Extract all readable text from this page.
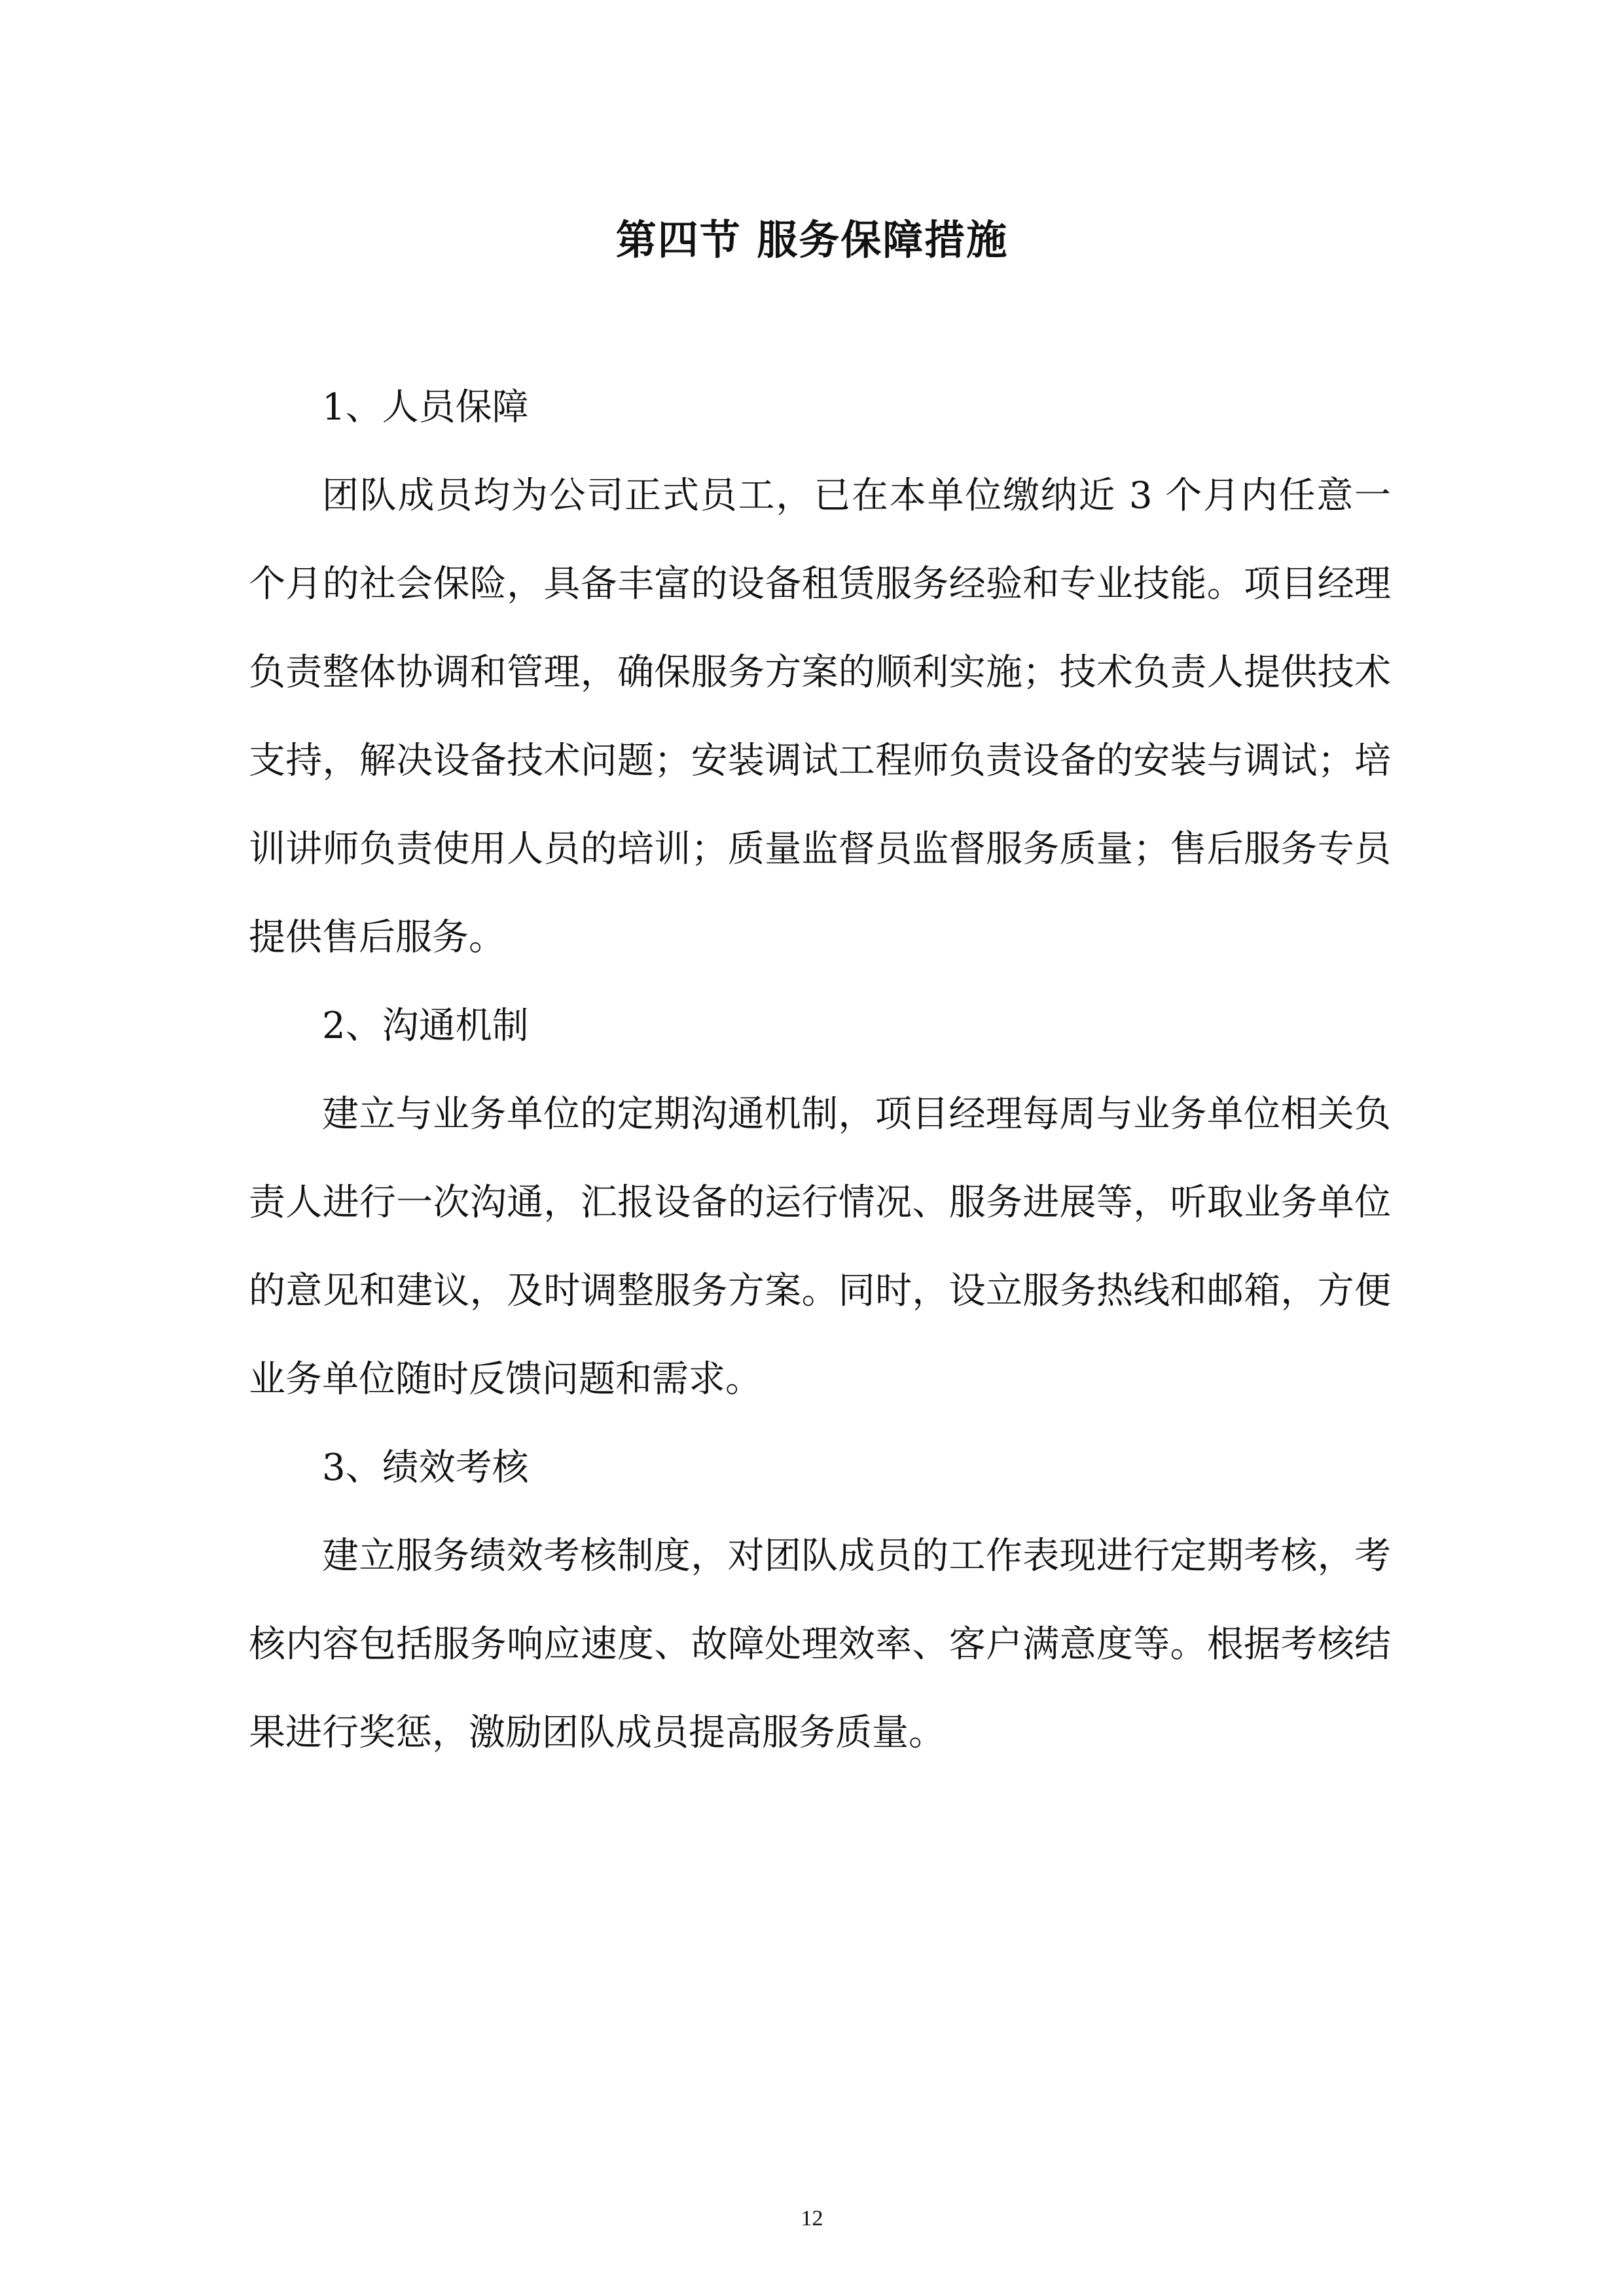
第四节 服务保障措施

1、人员保障

团队成员均为公司正式员工，已在本单位缴纳近 3 个月内任意一个月的社会保险，具备丰富的设备租赁服务经验和专业技能。项目经理负责整体协调和管理，确保服务方案的顺利实施；技术负责人提供技术支持，解决设备技术问题；安装调试工程师负责设备的安装与调试；培训讲师负责使用人员的培训；质量监督员监督服务质量；售后服务专员提供售后服务。

2、沟通机制

建立与业务单位的定期沟通机制，项目经理每周与业务单位相关负责人进行一次沟通，汇报设备的运行情况、服务进展等，听取业务单位的意见和建议，及时调整服务方案。同时，设立服务热线和邮箱，方便业务单位随时反馈问题和需求。

3、绩效考核

建立服务绩效考核制度，对团队成员的工作表现进行定期考核，考核内容包括服务响应速度、故障处理效率、客户满意度等。根据考核结果进行奖惩，激励团队成员提高服务质量。

12
